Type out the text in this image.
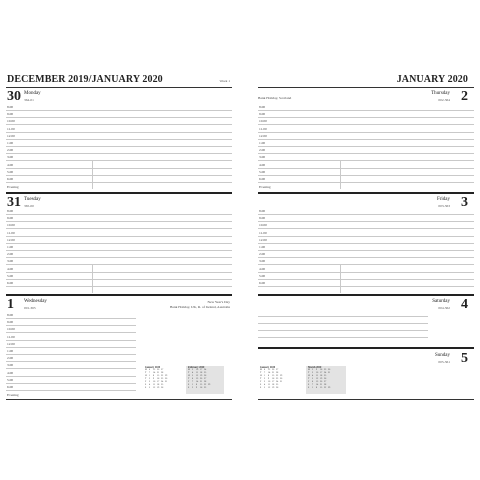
DECEMBER 2019/JANUARY 2020	Week 1
30 Monday
364-01
8.00
9.00
10.00
11.00
12.00
1.00
2.00
3.00
4.00
5.00
6.00
Evening
31 Tuesday
365-00
8.00
9.00
10.00
11.00
12.00
1.00
2.00
3.00
4.00
5.00
6.00
1 Wednesday
001-365
New Year's Day
Bank Holiday, UK, R. of Ireland, Australia
8.00
9.00
10.00
11.00
12.00
1.00
2.00
3.00
4.00
5.00
6.00
Evening
January 2020
M 6	13 20 27
T	7	14 21 28
W 1	8	15 22 29
T	2	9	16 23 30
F	3	10 17 24 31
S	4	11 18 25
S	5	12 19 26
February 2020
M 3	10 17 24
T	4	11 18 25
W 5	12 19 26
T	6	13 20 27
F	7	14 21 28
S	1	8	15 22 29
S	2	9	16 23
JANUARY 2020
2
Thursday
002-364
Bank Holiday, Scotland
8.00
9.00
10.00
11.00
12.00
1.00
2.00
3.00
4.00
5.00
6.00
Evening
3
Friday
003-363
8.00
9.00
10.00
11.00
12.00
1.00
2.00
3.00
4.00
5.00
6.00
4
Saturday
004-362
5
Sunday
005-361
January 2020
M 6	13 20 27
T	7	14 21 28
W 1	8	15 22 29
T	2	9	16 23 30
F	3	10 17 24 31
S	4	11 18 25
S	5	12 19 26
March 2020
M 2	9	16 23 30
T	3	10 17 24 31
W 4	11 18 25
T	5	12 19 26
F	6	13 20 27
S	7	14 21 28
S	1	8	15 22 29
